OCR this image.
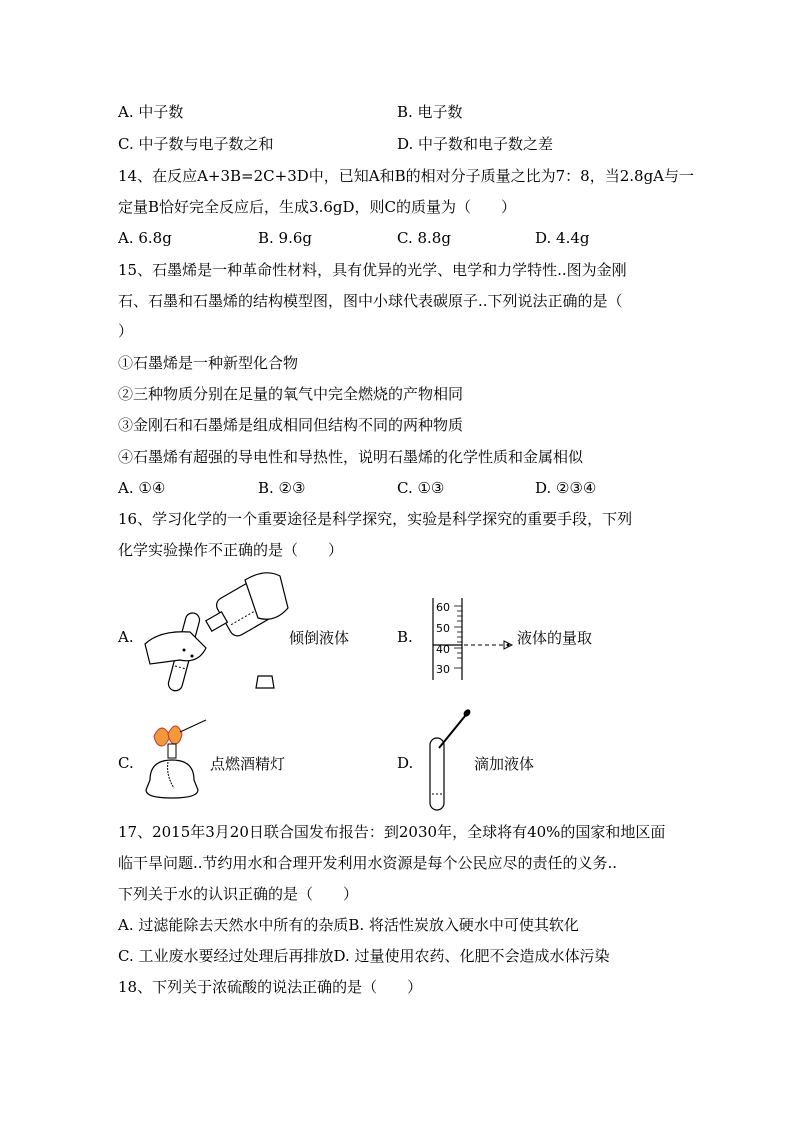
A. 中子数	B. 电子数
C. 中子数与电子数之和	D. 中子数和电子数之差
14、在反应A+3B=2C+3D中，已知A和B的相对分子质量之比为7：8，当2.8gA与一
定量B恰好完全反应后，生成3.6gD，则C的质量为（　　）
A. 6.8g	B. 9.6g	C. 8.8g	D. 4.4g
15、石墨烯是一种革命性材料，具有优异的光学、电学和力学特性..图为金刚
石、石墨和石墨烯的结构模型图，图中小球代表碳原子..下列说法正确的是（
）
①石墨烯是一种新型化合物
②三种物质分别在足量的氧气中完全燃烧的产物相同
③金刚石和石墨烯是组成相同但结构不同的两种物质
④石墨烯有超强的导电性和导热性，说明石墨烯的化学性质和金属相似
A. ①④	B. ②③	C. ①③	D. ②③④
16、学习化学的一个重要途径是科学探究，实验是科学探究的重要手段，下列
化学实验操作不正确的是（　　）
A.	倾倒液体	B.
60
50
40
30
液体的量取
C.	点燃酒精灯	D.	滴加液体
17、2015年3月20日联合国发布报告：到2030年，全球将有40%的国家和地区面
临干旱问题..节约用水和合理开发利用水资源是每个公民应尽的责任的义务..
下列关于水的认识正确的是（　　）
A. 过滤能除去天然水中所有的杂质B. 将活性炭放入硬水中可使其软化
C. 工业废水要经过处理后再排放D. 过量使用农药、化肥不会造成水体污染
18、下列关于浓硫酸的说法正确的是（　　）
